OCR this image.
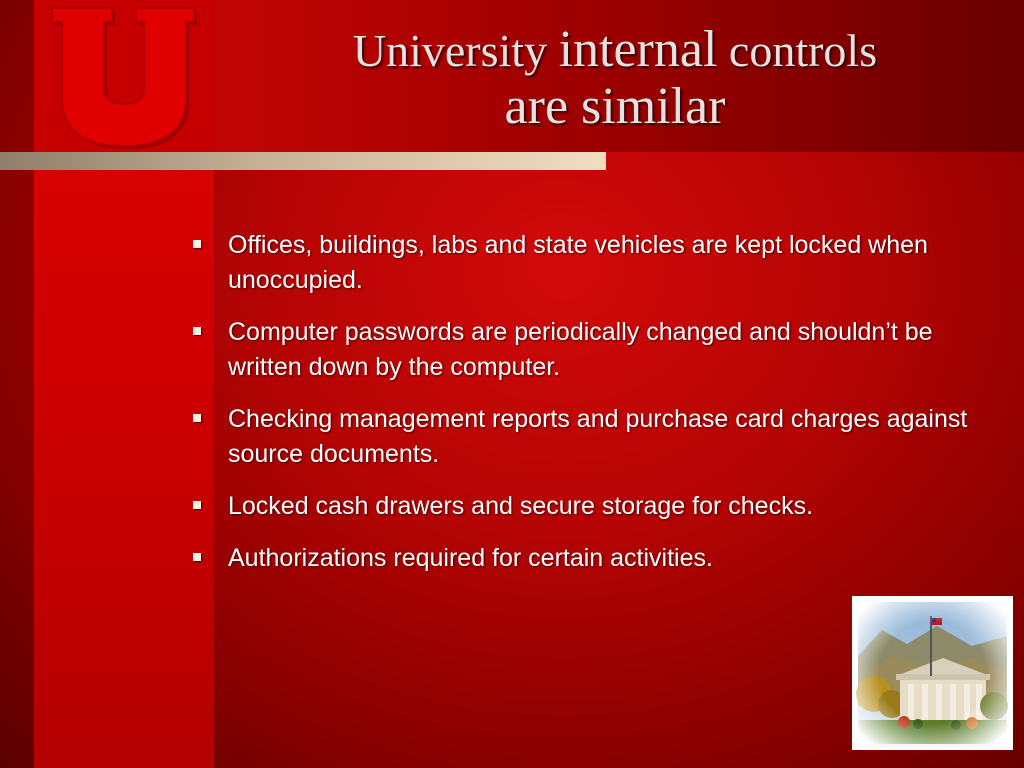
University internal controls
are similar
Offices, buildings, labs and state vehicles are kept locked when unoccupied.
Computer passwords are periodically changed and shouldn’t be written down by the computer.
Checking management reports and purchase card charges against source documents.
Locked cash drawers and secure storage for checks.
Authorizations required for certain activities.
